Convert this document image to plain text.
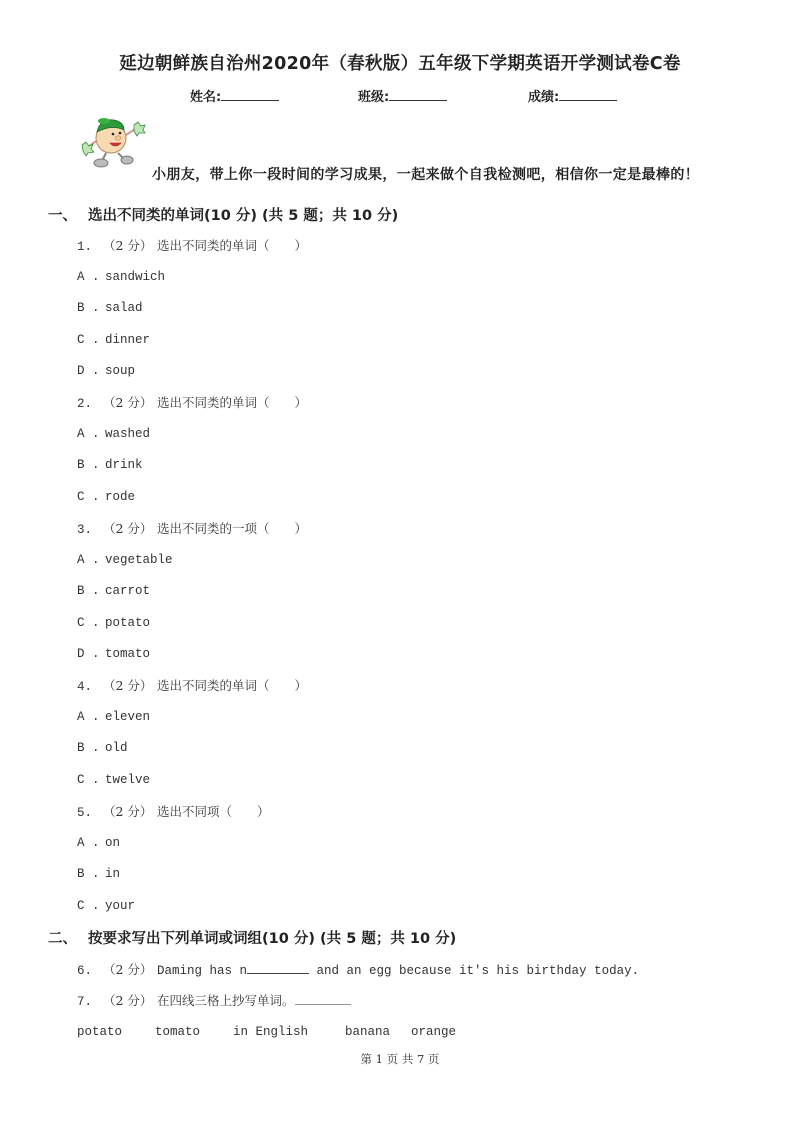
延边朝鲜族自治州2020年（春秋版）五年级下学期英语开学测试卷C卷
姓名:	班级:	成绩:
小朋友，带上你一段时间的学习成果，一起来做个自我检测吧，相信你一定是最棒的！
一、 选出不同类的单词(10 分) (共 5 题；共 10 分)
1. （2 分） 选出不同类的单词（　　）
A . sandwich
B . salad
C . dinner
D . soup
2. （2 分） 选出不同类的单词（　　）
A . washed
B . drink
C . rode
3. （2 分） 选出不同类的一项（　　）
A . vegetable
B . carrot
C . potato
D . tomato
4. （2 分） 选出不同类的单词（　　）
A . eleven
B . old
C . twelve
5. （2 分） 选出不同项（　　）
A . on
B . in
C . your
二、 按要求写出下列单词或词组(10 分) (共 5 题；共 10 分)
6. （2 分） Daming has n	and an egg because it's his birthday today.
7. （2 分） 在四线三格上抄写单词。
potato	tomato	in English	banana orange
第 1 页 共 7 页
